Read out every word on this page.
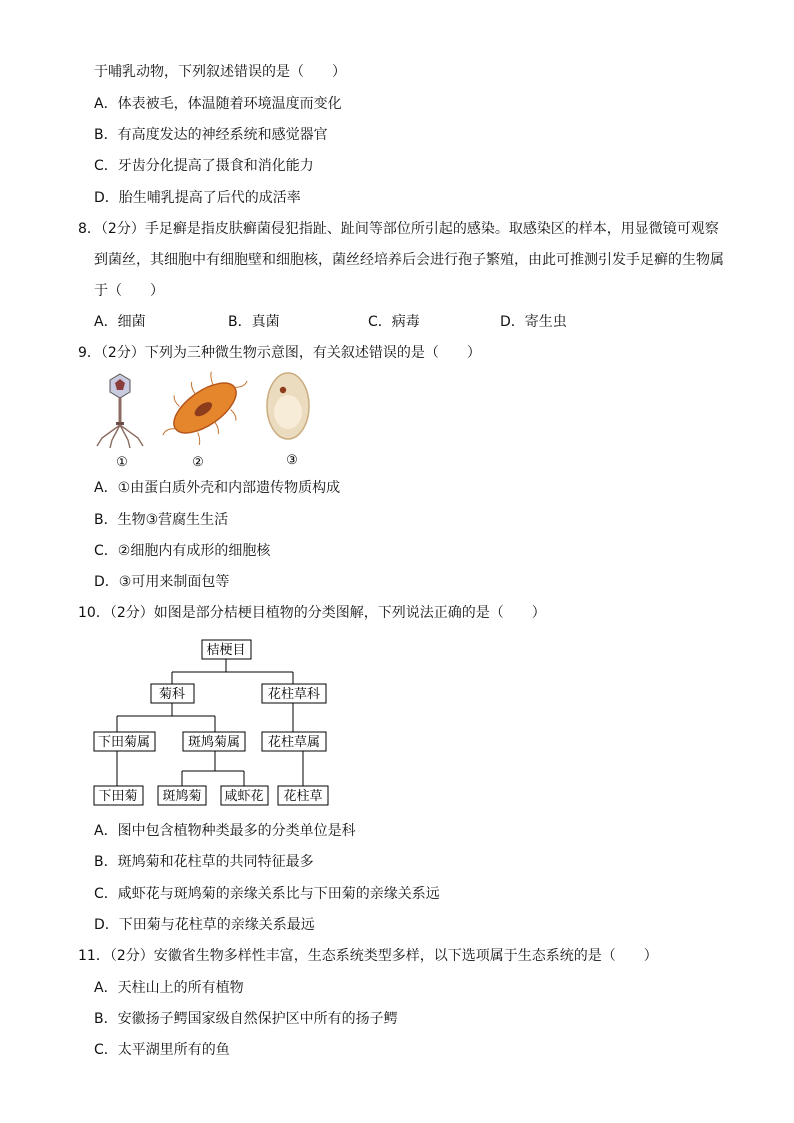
于哺乳动物，下列叙述错误的是（　　）
A．体表被毛，体温随着环境温度而变化
B．有高度发达的神经系统和感觉器官
C．牙齿分化提高了摄食和消化能力
D．胎生哺乳提高了后代的成活率
8．（2分）手足癣是指皮肤癣菌侵犯指趾、趾间等部位所引起的感染。取感染区的样本，用显微镜可观察
到菌丝，其细胞中有细胞壁和细胞核，菌丝经培养后会进行孢子繁殖，由此可推测引发手足癣的生物属
于（　　）
A．细菌	B．真菌	C．病毒	D．寄生虫
9．（2分）下列为三种微生物示意图，有关叙述错误的是（　　）
①	②	③
A．①由蛋白质外壳和内部遗传物质构成
B．生物③营腐生生活
C．②细胞内有成形的细胞核
D．③可用来制面包等
10．（2分）如图是部分桔梗目植物的分类图解，下列说法正确的是（　　）
桔梗目
菊科	花柱草科
下田菊属	斑鸠菊属 花柱草属
下田菊 斑鸠菊 咸虾花 花柱草
A．图中包含植物种类最多的分类单位是科
B．斑鸠菊和花柱草的共同特征最多
C．咸虾花与斑鸠菊的亲缘关系比与下田菊的亲缘关系远
D．下田菊与花柱草的亲缘关系最远
11．（2分）安徽省生物多样性丰富，生态系统类型多样，以下选项属于生态系统的是（　　）
A．天柱山上的所有植物
B．安徽扬子鳄国家级自然保护区中所有的扬子鳄
C．太平湖里所有的鱼
